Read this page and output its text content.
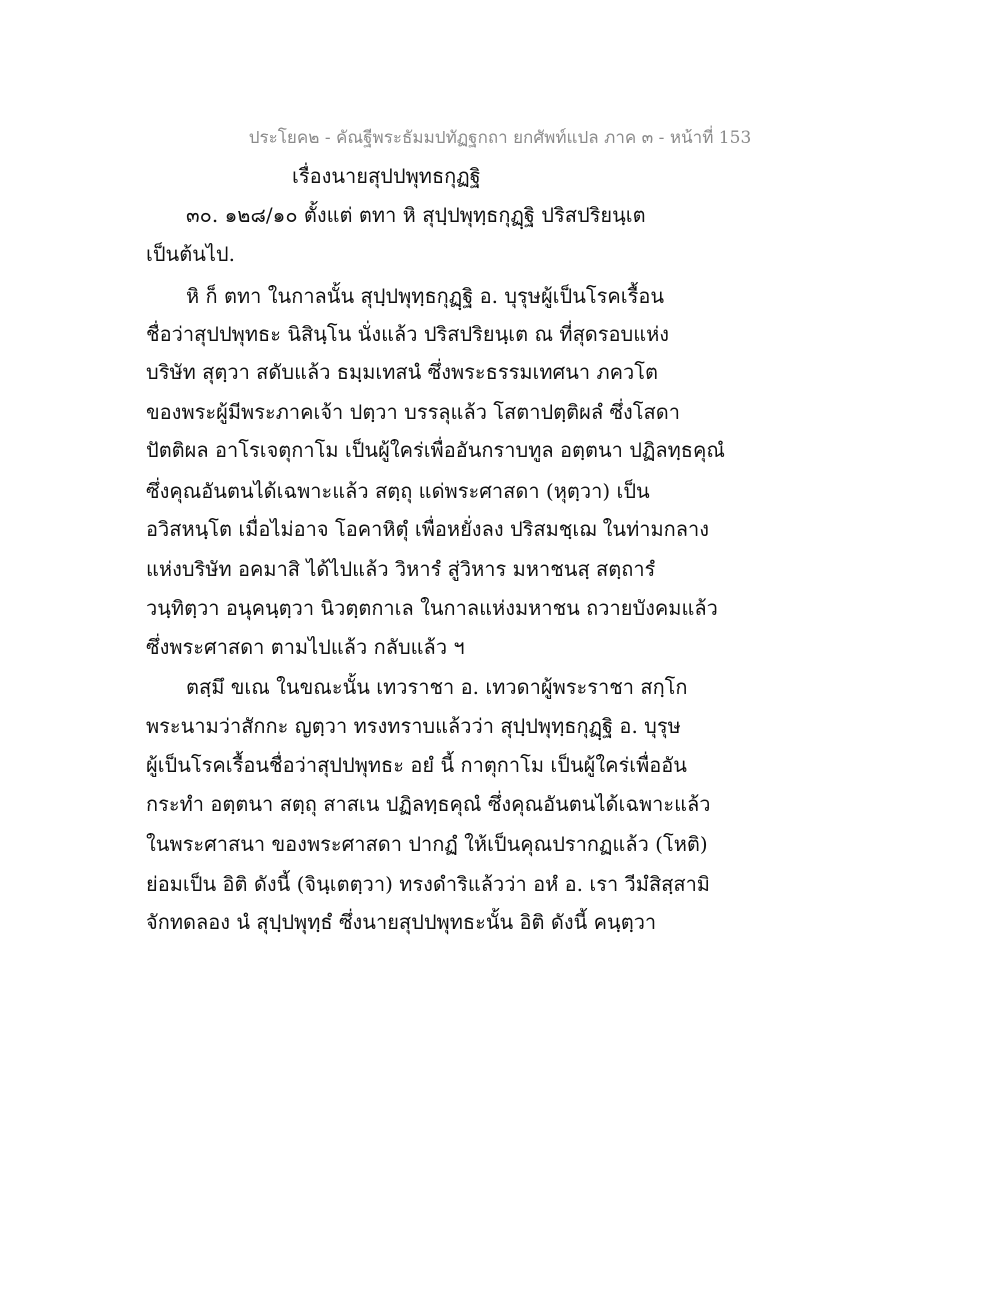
ประโยค๒ - คัณฐีพระธัมมปทัฏฐกถา ยกศัพท์แปล ภาค ๓ - หน้าที่ 153
เรื่องนายสุปปพุทธกุฏฐิ
๓๐. ๑๒๘/๑๐ ตั้งแต่ ตทา หิ สุปฺปพุทฺธกุฏฺฐิ ปริสปริยนฺเต
เป็นต้นไป.
หิ ก็ ตทา ในกาลนั้น สุปฺปพุทฺธกุฏฺฐิ อ. บุรุษผู้เป็นโรคเรื้อน
ชื่อว่าสุปปพุทธะ นิสินฺโน นั่งแล้ว ปริสปริยนฺเต ณ ที่สุดรอบแห่ง
บริษัท สุตฺวา สดับแล้ว ธมฺมเทสนํ ซึ่งพระธรรมเทศนา ภควโต
ของพระผู้มีพระภาคเจ้า ปตฺวา บรรลุแล้ว โสตาปตฺติผลํ ซึ่งโสดา
ปัตติผล อาโรเจตุกาโม เป็นผู้ใคร่เพื่ออันกราบทูล อตฺตนา ปฏิลทฺธคุณํ
ซึ่งคุณอันตนได้เฉพาะแล้ว สตฺถุ แด่พระศาสดา (หุตฺวา) เป็น
อวิสหนฺโต เมื่อไม่อาจ โอคาหิตุํ เพื่อหยั่งลง ปริสมชฺเฌ ในท่ามกลาง
แห่งบริษัท อคมาสิ ได้ไปแล้ว วิหารํ สู่วิหาร มหาชนสฺ สตฺถารํ
วนฺทิตฺวา อนุคนฺตฺวา นิวตฺตกาเล ในกาลแห่งมหาชน ถวายบังคมแล้ว
ซึ่งพระศาสดา ตามไปแล้ว กลับแล้ว ฯ
ตสฺมึ ขเณ ในขณะนั้น เทวราชา อ. เทวดาผู้พระราชา สกฺโก
พระนามว่าสักกะ ญตฺวา ทรงทราบแล้วว่า สุปฺปพุทฺธกุฏฺฐิ อ. บุรุษ
ผู้เป็นโรคเรื้อนชื่อว่าสุปปพุทธะ อยํ นี้ กาตุกาโม เป็นผู้ใคร่เพื่ออัน
กระทำ อตฺตนา สตฺถุ สาสเน ปฏิลทฺธคุณํ ซึ่งคุณอันตนได้เฉพาะแล้ว
ในพระศาสนา ของพระศาสดา ปากฏํ ให้เป็นคุณปรากฏแล้ว (โหติ)
ย่อมเป็น อิติ ดังนี้ (จินฺเตตฺวา) ทรงดำริแล้วว่า อหํ อ. เรา วีมํสิสฺสามิ
จักทดลอง นํ สุปฺปพุทฺธํ ซึ่งนายสุปปพุทธะนั้น อิติ ดังนี้ คนฺตฺวา
